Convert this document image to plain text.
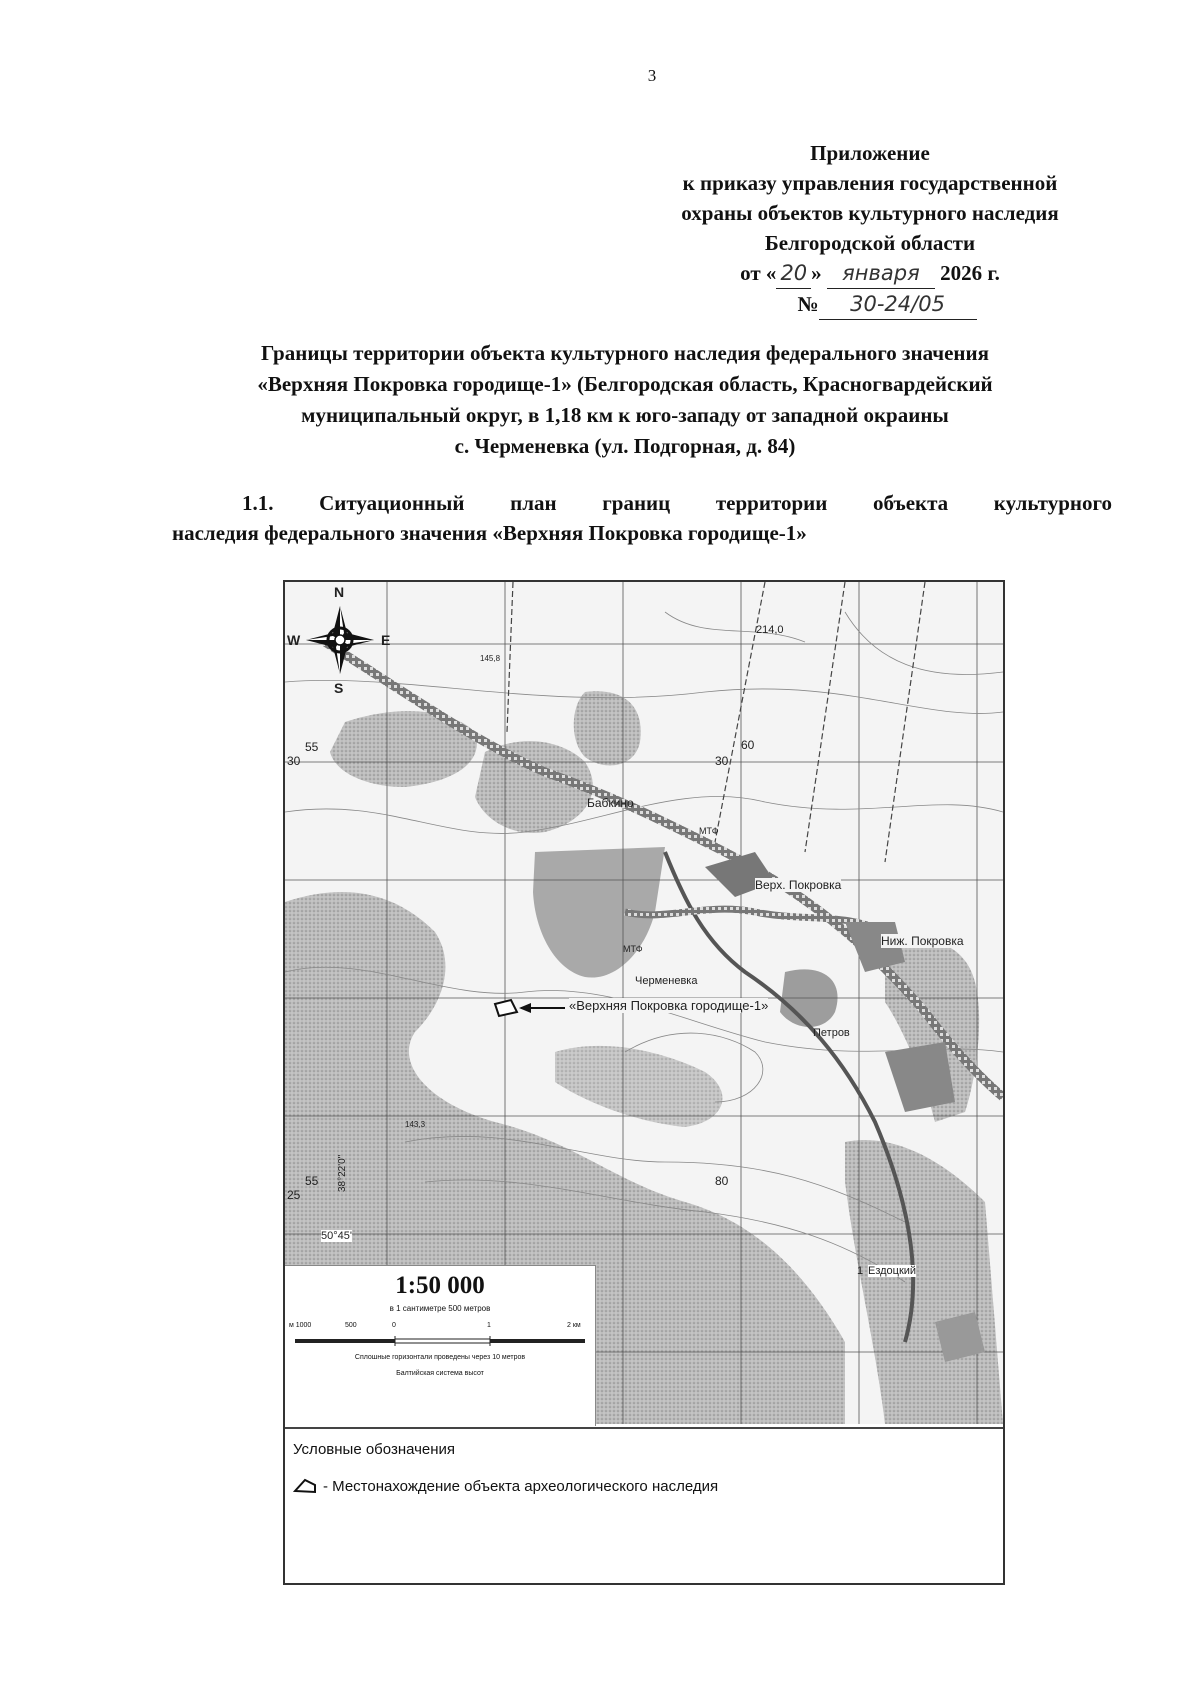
3
Приложение
к приказу управления государственной
охраны объектов культурного наследия
Белгородской области
от « 20 » января 2026 г.
№ 30-24/05
Границы территории объекта культурного наследия федерального значения
«Верхняя Покровка городище-1» (Белгородская область, Красногвардейский
муниципальный округ, в 1,18 км к юго-западу от западной окраины
с. Черменевка (ул. Подгорная, д. 84)
1.1. Ситуационный план границ территории объекта культурного
наследия федерального значения «Верхняя Покровка городище-1»
N
S
W	E
Бабкино
Верх. Покровка
Ниж. Покровка
Черменевка
Петров
Ездоцкий
«Верхняя Покровка городище-1»
МТФ
МТФ
214,0
145,8
143,3
30	30
55
55
60
25
80
50°45'
38°22'0"
1
1:50 000
в 1 сантиметре 500 метров
м 1000	500	0	1	2 км
Сплошные горизонтали проведены через 10 метров
Балтийская система высот
Условные обозначения
- Местонахождение объекта археологического наследия
